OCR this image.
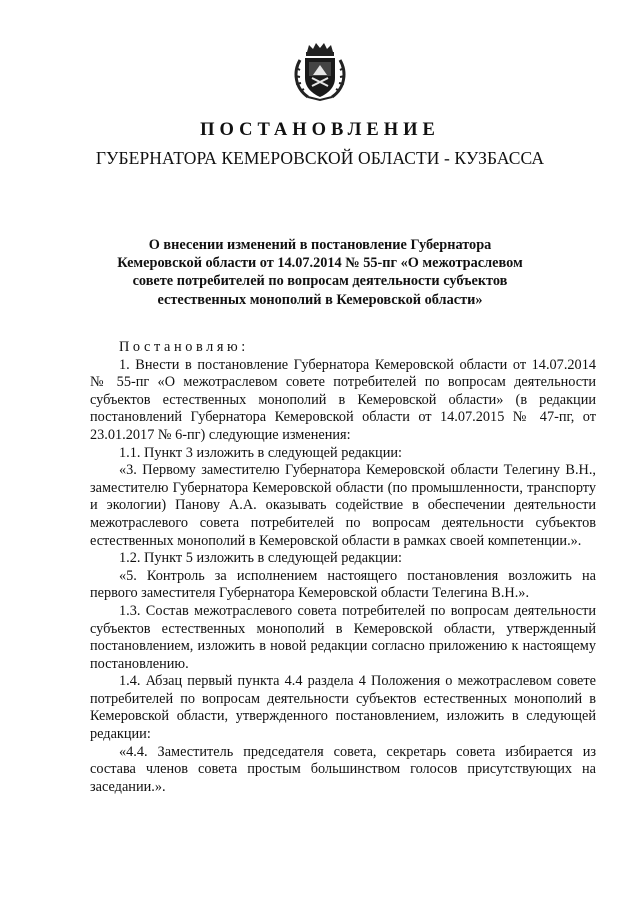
ПОСТАНОВЛЕНИЕ
ГУБЕРНАТОРА КЕМЕРОВСКОЙ ОБЛАСТИ - КУЗБАССА
О внесении изменений в постановление Губернатора Кемеровской области от 14.07.2014 № 55-пг «О межотраслевом совете потребителей по вопросам деятельности субъектов естественных монополий в Кемеровской области»

Постановляю:

1. Внести в постановление Губернатора Кемеровской области от 14.07.2014 № 55-пг «О межотраслевом совете потребителей по вопросам деятельности субъектов естественных монополий в Кемеровской области» (в редакции постановлений Губернатора Кемеровской области от 14.07.2015 № 47-пг, от 23.01.2017 № 6-пг) следующие изменения:

1.1. Пункт 3 изложить в следующей редакции:

«3. Первому заместителю Губернатора Кемеровской области Телегину В.Н., заместителю Губернатора Кемеровской области (по промышленности, транспорту и экологии) Панову А.А. оказывать содействие в обеспечении деятельности межотраслевого совета потребителей по вопросам деятельности субъектов естественных монополий в Кемеровской области в рамках своей компетенции.».

1.2. Пункт 5 изложить в следующей редакции:

«5. Контроль за исполнением настоящего постановления возложить на первого заместителя Губернатора Кемеровской области Телегина В.Н.».

1.3. Состав межотраслевого совета потребителей по вопросам деятельности субъектов естественных монополий в Кемеровской области, утвержденный постановлением, изложить в новой редакции согласно приложению к настоящему постановлению.

1.4. Абзац первый пункта 4.4 раздела 4 Положения о межотраслевом совете потребителей по вопросам деятельности субъектов естественных монополий в Кемеровской области, утвержденного постановлением, изложить в следующей редакции:

«4.4. Заместитель председателя совета, секретарь совета избирается из состава членов совета простым большинством голосов присутствующих на заседании.».
